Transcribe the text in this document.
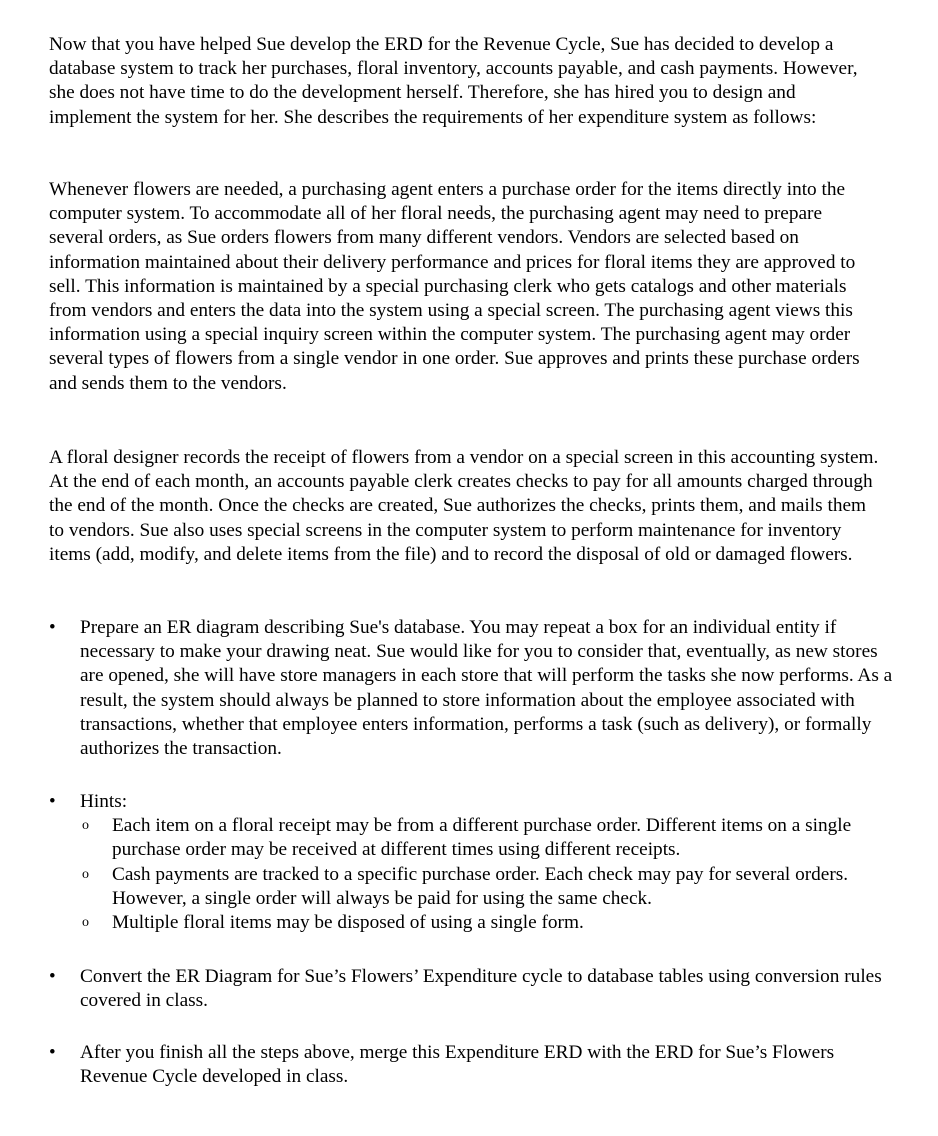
Now that you have helped Sue develop the ERD for the Revenue Cycle, Sue has decided to develop a database system to track her purchases, floral inventory, accounts payable, and cash payments. However, she does not have time to do the development herself. Therefore, she has hired you to design and implement the system for her. She describes the requirements of her expenditure system as follows:

Whenever flowers are needed, a purchasing agent enters a purchase order for the items directly into the computer system. To accommodate all of her floral needs, the purchasing agent may need to prepare several orders, as Sue orders flowers from many different vendors. Vendors are selected based on information maintained about their delivery performance and prices for floral items they are approved to sell. This information is maintained by a special purchasing clerk who gets catalogs and other materials from vendors and enters the data into the system using a special screen. The purchasing agent views this information using a special inquiry screen within the computer system. The purchasing agent may order several types of flowers from a single vendor in one order. Sue approves and prints these purchase orders and sends them to the vendors.

A floral designer records the receipt of flowers from a vendor on a special screen in this accounting system. At the end of each month, an accounts payable clerk creates checks to pay for all amounts charged through the end of the month. Once the checks are created, Sue authorizes the checks, prints them, and mails them to vendors. Sue also uses special screens in the computer system to perform maintenance for inventory items (add, modify, and delete items from the file) and to record the disposal of old or damaged flowers.

•	Prepare an ER diagram describing Sue's database. You may repeat a box for an individual entity if necessary to make your drawing neat. Sue would like for you to consider that, eventually, as new stores are opened, she will have store managers in each store that will perform the tasks she now performs. As a result, the system should always be planned to store information about the employee associated with transactions, whether that employee enters information, performs a task (such as delivery), or formally authorizes the transaction.
•	Hints:
o Each item on a floral receipt may be from a different purchase order. Different items on a single purchase order may be received at different times using different receipts.
o Cash payments are tracked to a specific purchase order. Each check may pay for several orders. However, a single order will always be paid for using the same check.
o Multiple floral items may be disposed of using a single form.
•	Convert the ER Diagram for Sue’s Flowers’ Expenditure cycle to database tables using conversion rules covered in class.
•	After you finish all the steps above, merge this Expenditure ERD with the ERD for Sue’s Flowers Revenue Cycle developed in class.
